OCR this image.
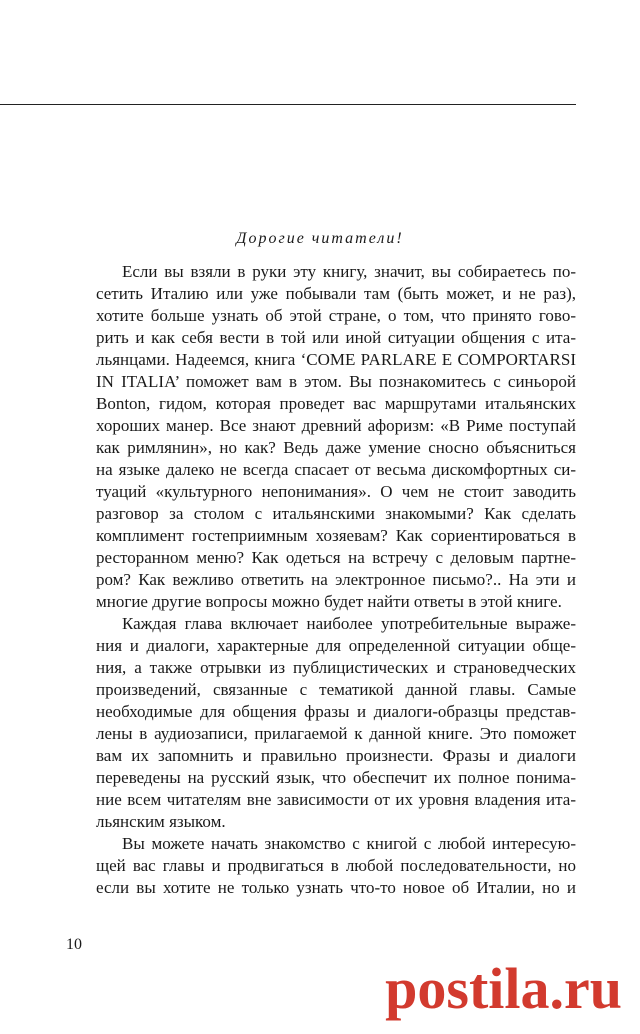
Дорогие читатели!
Если вы взяли в руки эту книгу, значит, вы собираетесь по-
сетить Италию или уже побывали там (быть может, и не раз),
хотите больше узнать об этой стране, о том, что принято гово-
рить и как себя вести в той или иной ситуации общения с ита-
льянцами. Надеемся, книга ‘COME PARLARE E COMPORTARSI
IN ITALIA’ поможет вам в этом. Вы познакомитесь с синьорой
Bonton, гидом, которая проведет вас маршрутами итальянских
хороших манер. Все знают древний афоризм: «В Риме поступай
как римлянин», но как? Ведь даже умение сносно объясниться
на языке далеко не всегда спасает от весьма дискомфортных си-
туаций «культурного непонимания». О чем не стоит заводить
разговор за столом с итальянскими знакомыми? Как сделать
комплимент гостеприимным хозяевам? Как сориентироваться в
ресторанном меню? Как одеться на встречу с деловым партне-
ром? Как вежливо ответить на электронное письмо?.. На эти и
многие другие вопросы можно будет найти ответы в этой книге.
Каждая глава включает наиболее употребительные выраже-
ния и диалоги, характерные для определенной ситуации обще-
ния, а также отрывки из публицистических и страноведческих
произведений, связанные с тематикой данной главы. Самые
необходимые для общения фразы и диалоги-образцы представ-
лены в аудиозаписи, прилагаемой к данной книге. Это поможет
вам их запомнить и правильно произнести. Фразы и диалоги
переведены на русский язык, что обеспечит их полное понима-
ние всем читателям вне зависимости от их уровня владения ита-
льянским языком.
Вы можете начать знакомство с книгой с любой интересую-
щей вас главы и продвигаться в любой последовательности, но
если вы хотите не только узнать что-то новое об Италии, но и
10
postila.ru
